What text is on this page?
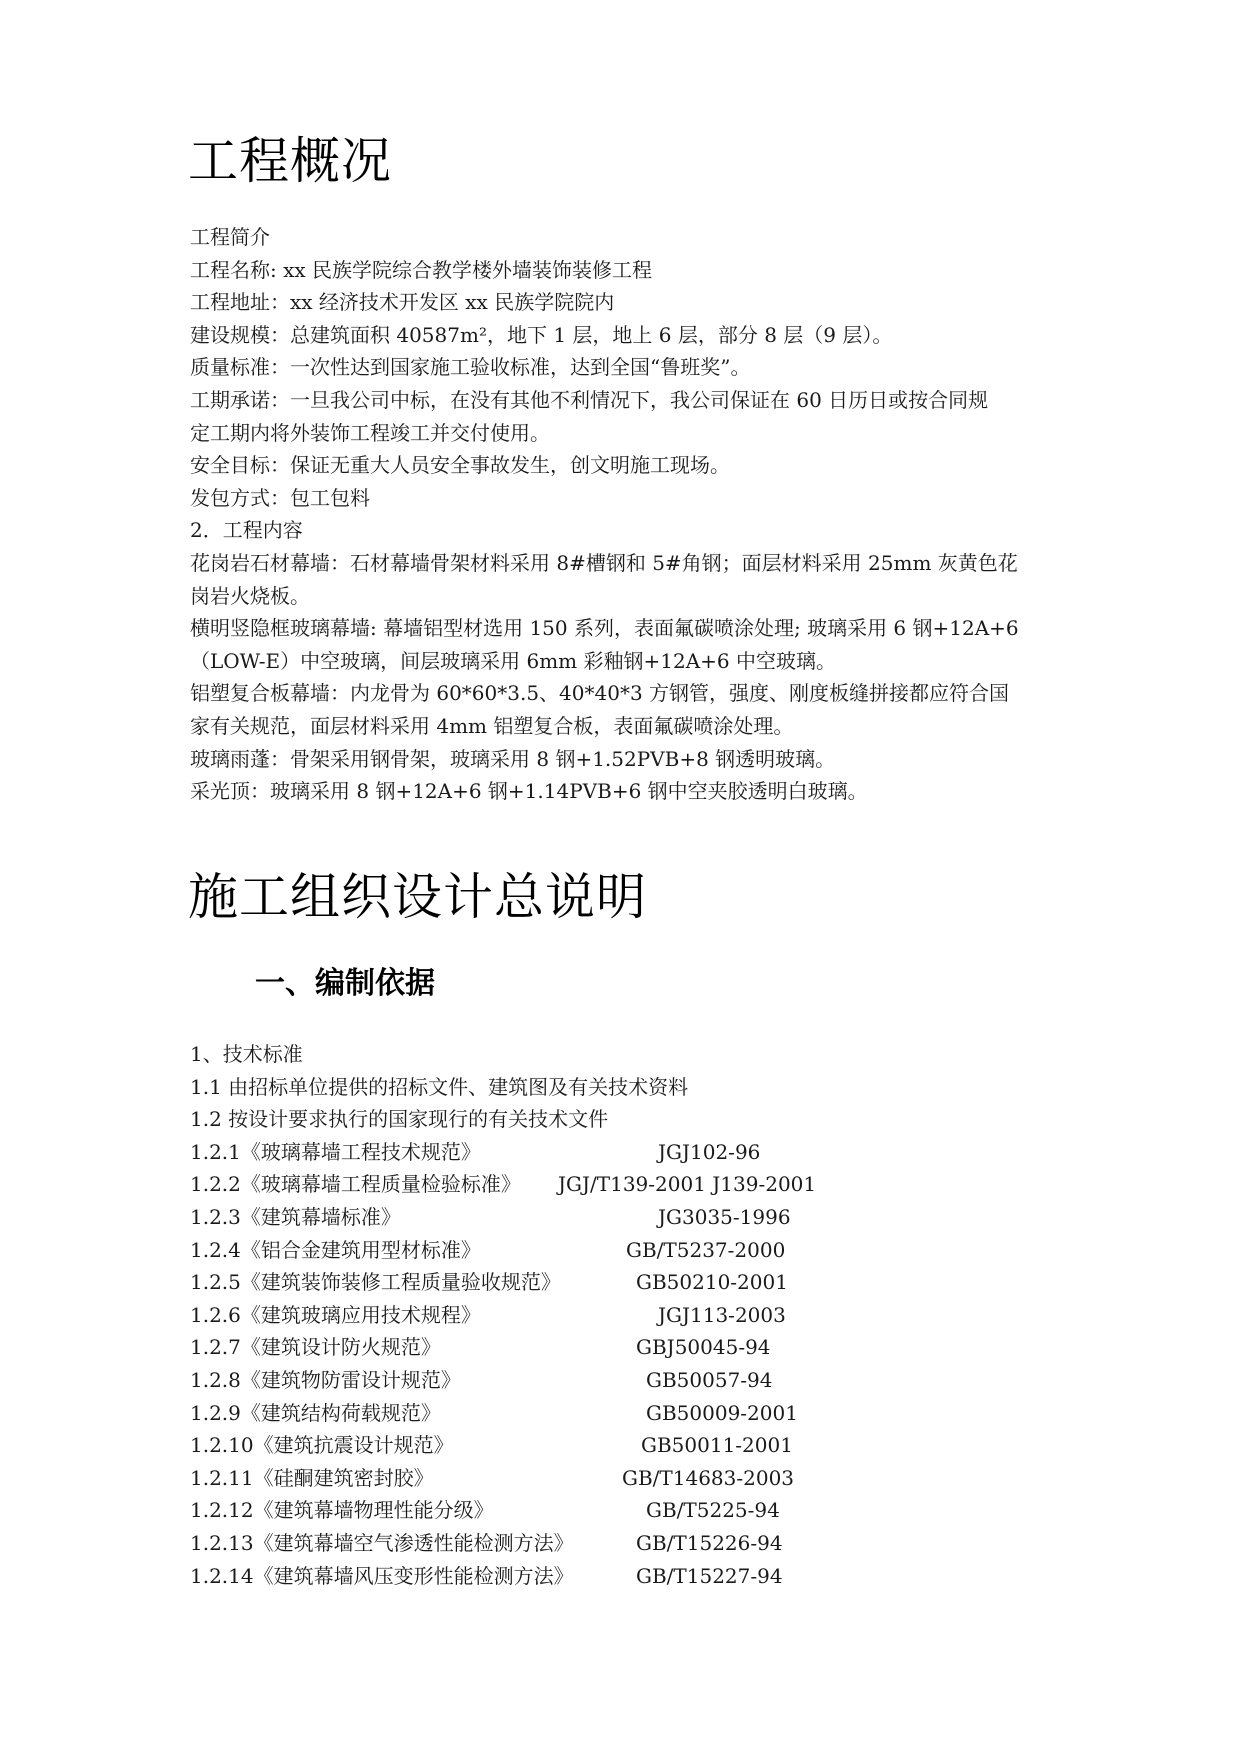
工程概况

工程简介

工程名称: xx 民族学院综合教学楼外墙装饰装修工程

工程地址：xx 经济技术开发区 xx 民族学院院内

建设规模：总建筑面积 40587m²，地下 1 层，地上 6 层，部分 8 层（9 层）。

质量标准：一次性达到国家施工验收标准，达到全国“鲁班奖”。

工期承诺：一旦我公司中标，在没有其他不利情况下，我公司保证在 60 日历日或按合同规

定工期内将外装饰工程竣工并交付使用。

安全目标：保证无重大人员安全事故发生，创文明施工现场。

发包方式：包工包料

2．工程内容

花岗岩石材幕墙：石材幕墙骨架材料采用 8#槽钢和 5#角钢；面层材料采用 25mm 灰黄色花

岗岩火烧板。

横明竖隐框玻璃幕墙: 幕墙铝型材选用 150 系列，表面氟碳喷涂处理; 玻璃采用 6 钢+12A+6

（LOW-E）中空玻璃，间层玻璃采用 6mm 彩釉钢+12A+6 中空玻璃。

铝塑复合板幕墙：内龙骨为 60*60*3.5、40*40*3 方钢管，强度、刚度板缝拼接都应符合国

家有关规范，面层材料采用 4mm 铝塑复合板，表面氟碳喷涂处理。

玻璃雨蓬：骨架采用钢骨架，玻璃采用 8 钢+1.52PVB+8 钢透明玻璃。

采光顶：玻璃采用 8 钢+12A+6 钢+1.14PVB+6 钢中空夹胶透明白玻璃。

施工组织设计总说明
一、编制依据

1、技术标准

1.1 由招标单位提供的招标文件、建筑图及有关技术资料

1.2 按设计要求执行的国家现行的有关技术文件

1.2.1《玻璃幕墙工程技术规范》	JGJ102-96
1.2.2《玻璃幕墙工程质量检验标准》 JGJ/T139-2001 J139-2001
1.2.3《建筑幕墙标准》	JG3035-1996
1.2.4《铝合金建筑用型材标准》	GB/T5237-2000
1.2.5《建筑装饰装修工程质量验收规范》	GB50210-2001
1.2.6《建筑玻璃应用技术规程》	JGJ113-2003
1.2.7《建筑设计防火规范》	GBJ50045-94
1.2.8《建筑物防雷设计规范》	GB50057-94
1.2.9《建筑结构荷载规范》	GB50009-2001
1.2.10《建筑抗震设计规范》	GB50011-2001
1.2.11《硅酮建筑密封胶》	GB/T14683-2003
1.2.12《建筑幕墙物理性能分级》	GB/T5225-94
1.2.13《建筑幕墙空气渗透性能检测方法》	GB/T15226-94
1.2.14《建筑幕墙风压变形性能检测方法》	GB/T15227-94
